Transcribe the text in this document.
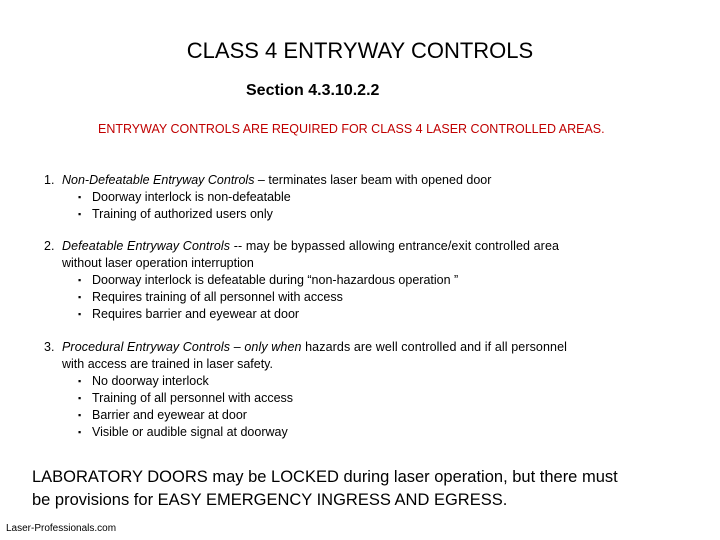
CLASS 4 ENTRYWAY CONTROLS
Section 4.3.10.2.2
ENTRYWAY CONTROLS ARE REQUIRED FOR CLASS 4 LASER CONTROLLED AREAS.
1. Non-Defeatable Entryway Controls – terminates laser beam with opened door
▪ Doorway interlock is non-defeatable
▪ Training of authorized users only
2. Defeatable Entryway Controls -- may be bypassed allowing entrance/exit controlled area
without laser operation interruption
▪ Doorway interlock is defeatable during “non-hazardous operation ”
▪ Requires training of all personnel with access
▪ Requires barrier and eyewear at door
3. Procedural Entryway Controls – only when hazards are well controlled and if all personnel
with access are trained in laser safety.
▪ No doorway interlock
▪ Training of all personnel with access
▪ Barrier and eyewear at door
▪ Visible or audible signal at doorway
LABORATORY DOORS may be LOCKED during laser operation, but there must
be provisions for EASY EMERGENCY INGRESS AND EGRESS.
Laser-Professionals.com
